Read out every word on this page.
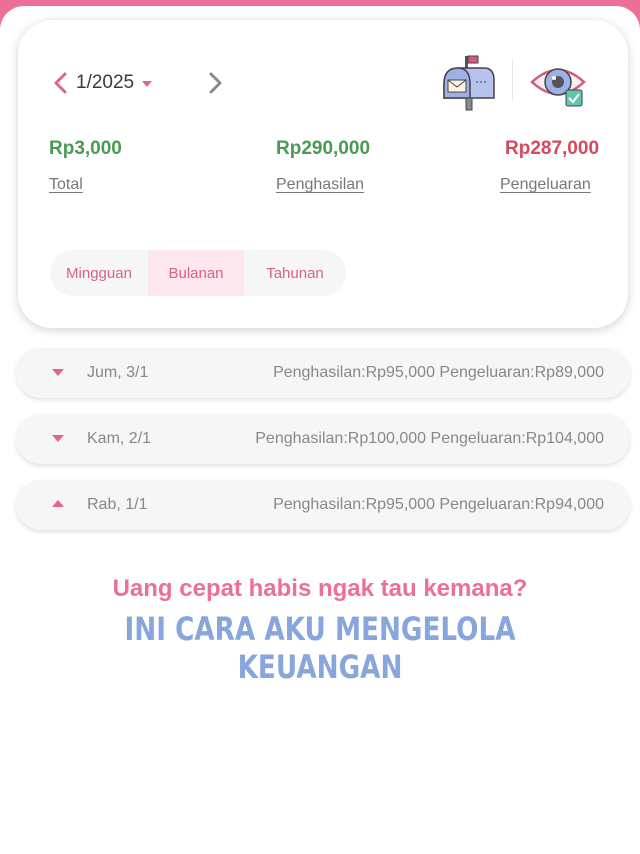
1/2025
Rp3,000
Total
Rp290,000
Penghasilan
Rp287,000
Pengeluaran
Mingguan	Bulanan	Tahunan
Jum, 3/1	Penghasilan:Rp95,000 Pengeluaran:Rp89,000
Kam, 2/1	Penghasilan:Rp100,000 Pengeluaran:Rp104,000
Rab, 1/1	Penghasilan:Rp95,000 Pengeluaran:Rp94,000
Uang cepat habis ngak tau kemana?
INI CARA AKU MENGELOLA KEUANGAN
